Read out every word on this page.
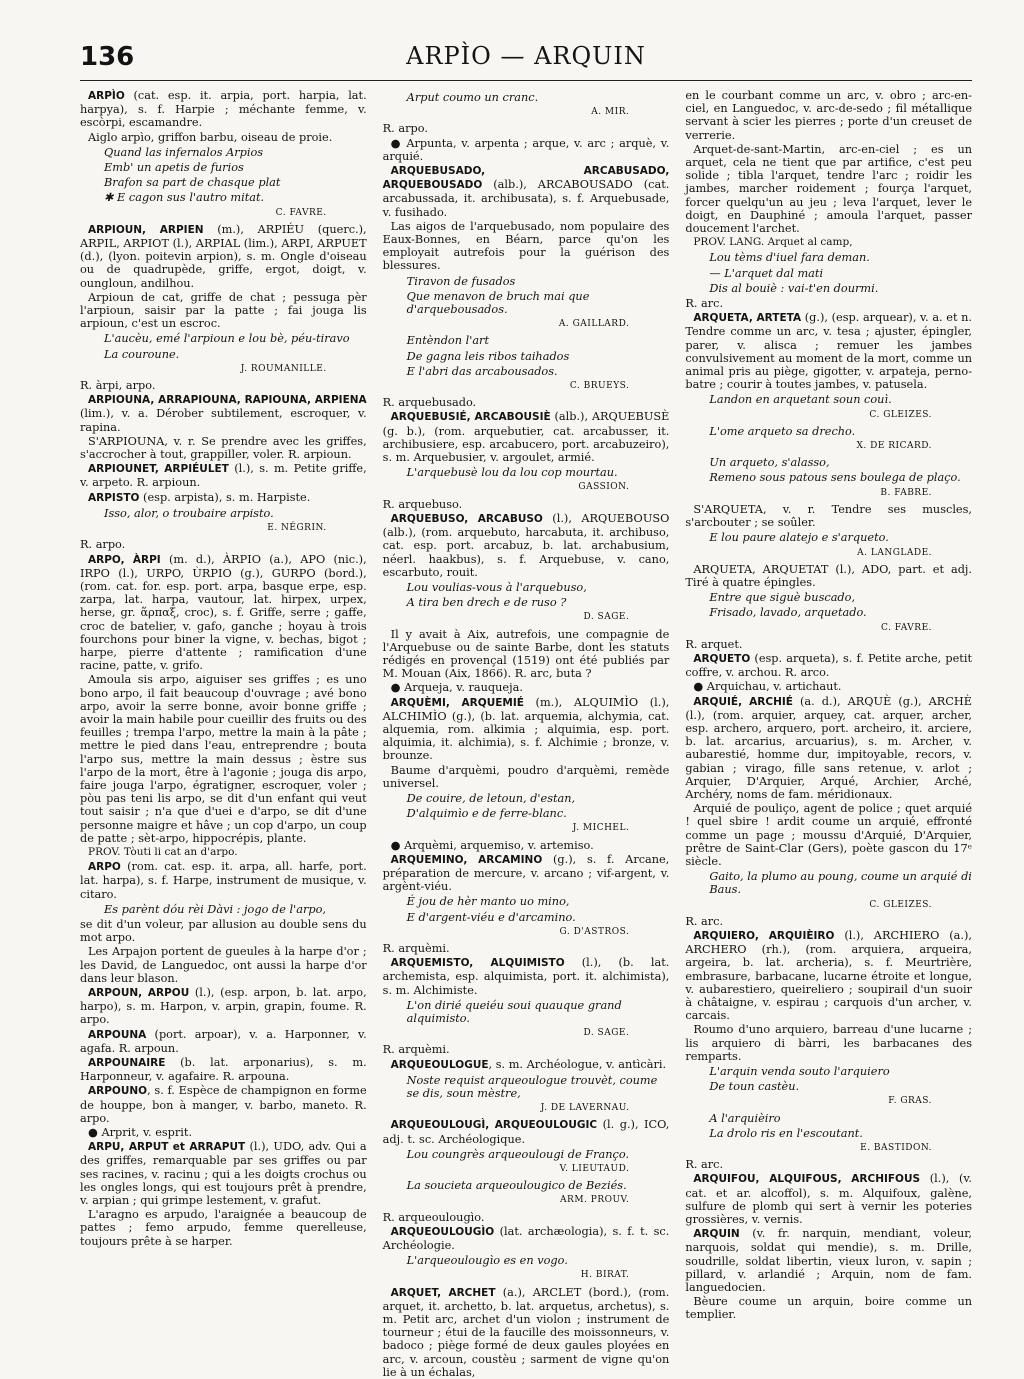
136	ARPÌO — ARQUIN

ARPÌO (cat. esp. it. arpia, port. harpia, lat. harpya), s. f. Harpie ; méchante femme, v. escòrpi, escamandre.

Aiglo arpìo, griffon barbu, oiseau de proie.

Quand las infernalos Arpios

Emb' un apetis de furios

Brafon sa part de chasque plat

✱ E cagon sus l'autro mitat.

C. FAVRE.

ARPIOUN, ARPIEN (m.), ARPIÉU (querc.), ARPIL, ARPIOT (l.), ARPIAL (lim.), ARPI, ARPUET (d.), (lyon. poitevin arpion), s. m. Ongle d'oiseau ou de quadrupède, griffe, ergot, doigt, v. oungloun, andilhou.

Arpioun de cat, griffe de chat ; pessuga pèr l'arpioun, saisir par la patte ; fai jouga lis arpioun, c'est un escroc.

L'aucèu, emé l'arpioun e lou bè, péu-tiravo

La couroune.

J. ROUMANILLE.

R. àrpi, arpo.

ARPIOUNA, ARRAPIOUNA, RAPIOUNA, ARPIENA (lim.), v. a. Dérober subtilement, escroquer, v. rapina.

S'ARPIOUNA, v. r. Se prendre avec les griffes, s'accrocher à tout, grappiller, voler. R. arpioun.

ARPIOUNET, ARPIÉULET (l.), s. m. Petite griffe, v. arpeto. R. arpioun.

ARPISTO (esp. arpista), s. m. Harpiste.

Isso, alor, o troubaire arpisto.

E. NÉGRIN.

R. arpo.

ARPO, ÀRPI (m. d.), ÀRPIO (a.), APO (nic.), IRPO (l.), URPO, ÙRPIO (g.), GURPO (bord.), (rom. cat. for. esp. port. arpa, basque erpe, esp. zarpa, lat. harpa, vautour, lat. hirpex, urpex, herse, gr. ἅρπαξ, croc), s. f. Griffe, serre ; gaffe, croc de batelier, v. gafo, ganche ; hoyau à trois fourchons pour biner la vigne, v. bechas, bigot ; harpe, pierre d'attente ; ramification d'une racine, patte, v. grifo.

Amoula sis arpo, aiguiser ses griffes ; es uno bono arpo, il fait beaucoup d'ouvrage ; avé bono arpo, avoir la serre bonne, avoir bonne griffe ; avoir la main habile pour cueillir des fruits ou des feuilles ; trempa l'arpo, mettre la main à la pâte ; mettre le pied dans l'eau, entreprendre ; bouta l'arpo sus, mettre la main dessus ; èstre sus l'arpo de la mort, être à l'agonie ; jouga dis arpo, faire jouga l'arpo, égratigner, escroquer, voler ; pòu pas teni lis arpo, se dit d'un enfant qui veut tout saisir ; n'a que d'uei e d'arpo, se dit d'une personne maigre et hâve ; un cop d'arpo, un coup de patte ; sèt-arpo, hippocrépis, plante.

PROV. Tòuti li cat an d'arpo.

ARPO (rom. cat. esp. it. arpa, all. harfe, port. lat. harpa), s. f. Harpe, instrument de musique, v. citaro.

Es parènt dóu rèi Dàvi : jogo de l'arpo,

se dit d'un voleur, par allusion au double sens du mot arpo.

Les Arpajon portent de gueules à la harpe d'or ; les David, de Languedoc, ont aussi la harpe d'or dans leur blason.

ARPOUN, ARPOU (l.), (esp. arpon, b. lat. arpo, harpo), s. m. Harpon, v. arpin, grapin, foume. R. arpo.

ARPOUNA (port. arpoar), v. a. Harponner, v. agafa. R. arpoun.

ARPOUNAIRE (b. lat. arponarius), s. m. Harponneur, v. agafaire. R. arpouna.

ARPOUNO, s. f. Espèce de champignon en forme de houppe, bon à manger, v. barbo, maneto. R. arpo.

● Arprit, v. esprit.

ARPU, ARPUT et ARRAPUT (l.), UDO, adv. Qui a des griffes, remarquable par ses griffes ou par ses racines, v. racinu ; qui a les doigts crochus ou les ongles longs, qui est toujours prêt à prendre, v. arpian ; qui grimpe lestement, v. grafut.

L'aragno es arpudo, l'araignée a beaucoup de pattes ; femo arpudo, femme querelleuse, toujours prête à se harper.

Arput coumo un cranc.

A. MIR.

R. arpo.

● Arpunta, v. arpenta ; arque, v. arc ; arquè, v. arquié.

ARQUEBUSADO, ARCABUSADO, ARQUEBOUSADO (alb.), ARCABOUSADO (cat. arcabussada, it. archibusata), s. f. Arquebusade, v. fusihado.

Las aigos de l'arquebusado, nom populaire des Eaux-Bonnes, en Béarn, parce qu'on les employait autrefois pour la guérison des blessures.

Tiravon de fusados

Que menavon de bruch mai que d'arquebousados.

A. GAILLARD.

Entèndon l'art

De gagna leis ribos taihados

E l'abri das arcabousados.

C. BRUEYS.

R. arquebusado.

ARQUEBUSIÉ, ARCABOUSIÈ (alb.), ARQUEBUSÈ (g. b.), (rom. arquebutier, cat. arcabusser, it. archibusiere, esp. arcabucero, port. arcabuzeiro), s. m. Arquebusier, v. argoulet, armié.

L'arquebusè lou da lou cop mourtau.

GASSION.

R. arquebuso.

ARQUEBUSO, ARCABUSO (l.), ARQUEBOUSO (alb.), (rom. arquebuto, harcabuta, it. archibuso, cat. esp. port. arcabuz, b. lat. archabusium, néerl. haakbus), s. f. Arquebuse, v. cano, escarbuto, rouit.

Lou voulias-vous à l'arquebuso,

A tira ben drech e de ruso ?

D. SAGE.

Il y avait à Aix, autrefois, une compagnie de l'Arquebuse ou de sainte Barbe, dont les statuts rédigés en provençal (1519) ont été publiés par M. Mouan (Aix, 1866). R. arc, buta ?

● Arqueja, v. rauqueja.

ARQUÈMI, ARQUEMIÉ (m.), ALQUIMÌO (l.), ALCHIMÌO (g.), (b. lat. arquemia, alchymia, cat. alquemia, rom. alkimia ; alquimia, esp. port. alquimia, it. alchimia), s. f. Alchimie ; bronze, v. brounze.

Baume d'arquèmi, poudro d'arquèmi, remède universel.

De couire, de letoun, d'estan,

D'alquimìo e de ferre-blanc.

J. MICHEL.

● Arquèmi, arquemiso, v. artemiso.

ARQUEMINO, ARCAMINO (g.), s. f. Arcane, préparation de mercure, v. arcano ; vif-argent, v. argènt-viéu.

É jou de hèr manto uo mino,

E d'argent-viéu e d'arcamino.

G. D'ASTROS.

R. arquèmi.

ARQUEMISTO, ALQUIMISTO (l.), (b. lat. archemista, esp. alquimista, port. it. alchimista), s. m. Alchimiste.

L'on dirié queiéu soui quauque grand alquimisto.

D. SAGE.

R. arquèmi.

ARQUEOULOGUE, s. m. Archéologue, v. antìcàri.

Noste requist arqueoulogue trouvèt, coume se dis, soun mèstre,

J. DE LAVERNAU.

ARQUEOULOUGÌ, ARQUEOULOUGIC (l. g.), ICO, adj. t. sc. Archéologique.

Lou coungrès arqueoulougi de Franço.

V. LIEUTAUD.

La soucieta arqueoulougico de Beziés.

ARM. PROUV.

R. arqueoulougìo.

ARQUEOULOUGÌO (lat. archæologia), s. f. t. sc. Archéologie.

L'arqueoulougìo es en vogo.

H. BIRAT.

ARQUET, ARCHET (a.), ARCLET (bord.), (rom. arquet, it. archetto, b. lat. arquetus, archetus), s. m. Petit arc, archet d'un violon ; instrument de tourneur ; étui de la faucille des moissonneurs, v. badoco ; piège formé de deux gaules ployées en arc, v. arcoun, coustèu ; sarment de vigne qu'on lie à un échalas,

en le courbant comme un arc, v. obro ; arc-en-ciel, en Languedoc, v. arc-de-sedo ; fil métallique servant à scier les pierres ; porte d'un creuset de verrerie.

Arquet-de-sant-Martin, arc-en-ciel ; es un arquet, cela ne tient que par artifice, c'est peu solide ; tibla l'arquet, tendre l'arc ; roidir les jambes, marcher roidement ; fourça l'arquet, forcer quelqu'un au jeu ; leva l'arquet, lever le doigt, en Dauphiné ; amoula l'arquet, passer doucement l'archet.

PROV. LANG. Arquet al camp,

Lou tèms d'iuel fara deman.

— L'arquet dal mati

Dis al bouiè : vai-t'en dourmi.

R. arc.

ARQUETA, ARTETA (g.), (esp. arquear), v. a. et n. Tendre comme un arc, v. tesa ; ajuster, épingler, parer, v. alisca ; remuer les jambes convulsivement au moment de la mort, comme un animal pris au piège, gigotter, v. arpateja, perno-batre ; courir à toutes jambes, v. patusela.

Landon en arquetant soun couì.

C. GLEIZES.

L'ome arqueto sa drecho.

X. DE RICARD.

Un arqueto, s'alasso,

Remeno sous patous sens boulega de plaço.

B. FABRE.

S'ARQUETA, v. r. Tendre ses muscles, s'arcbouter ; se soûler.

E lou paure alatejo e s'arqueto.

A. LANGLADE.

ARQUETA, ARQUETAT (l.), ADO, part. et adj. Tiré à quatre épingles.

Entre que siguè buscado,

Frisado, lavado, arquetado.

C. FAVRE.

R. arquet.

ARQUETO (esp. arqueta), s. f. Petite arche, petit coffre, v. archou. R. arco.

● Arquichau, v. artichaut.

ARQUIÉ, ARCHIÉ (a. d.), ARQUÈ (g.), ARCHÈ (l.), (rom. arquier, arquey, cat. arquer, archer, esp. archero, arquero, port. archeiro, it. arciere, b. lat. arcarius, arcuarius), s. m. Archer, v. aubarestié, homme dur, impitoyable, recors, v. gabian ; virago, fille sans retenue, v. arlot ; Arquier, D'Arquier, Arqué, Archier, Arché, Archéry, noms de fam. méridionaux.

Arquié de pouliço, agent de police ; quet arquié ! quel sbire ! ardit coume un arquié, effronté comme un page ; moussu d'Arquié, D'Arquier, prêtre de Saint-Clar (Gers), poète gascon du 17ᵉ siècle.

Gaito, la plumo au poung, coume un arquié di Baus.

C. GLEIZES.

R. arc.

ARQUIERO, ARQUIÈIRO (l.), ARCHIERO (a.), ARCHERO (rh.), (rom. arquiera, arqueira, argeira, b. lat. archeria), s. f. Meurtrière, embrasure, barbacane, lucarne étroite et longue, v. aubarestiero, queireliero ; soupirail d'un suoir à châtaigne, v. espirau ; carquois d'un archer, v. carcais.

Roumo d'uno arquiero, barreau d'une lucarne ; lis arquiero di bàrri, les barbacanes des remparts.

L'arquin venda souto l'arquiero

De toun castèu.

F. GRAS.

A l'arquièiro

La drolo ris en l'escoutant.

E. BASTIDON.

R. arc.

ARQUIFOU, ALQUIFOUS, ARCHIFOUS (l.), (v. cat. et ar. alcoffol), s. m. Alquifoux, galène, sulfure de plomb qui sert à vernir les poteries grossières, v. vernis.

ARQUIN (v. fr. narquin, mendiant, voleur, narquois, soldat qui mendie), s. m. Drille, soudrille, soldat libertin, vieux luron, v. sapin ; pillard, v. arlandié ; Arquin, nom de fam. languedocien.

Bèure coume un arquin, boire comme un templier.
